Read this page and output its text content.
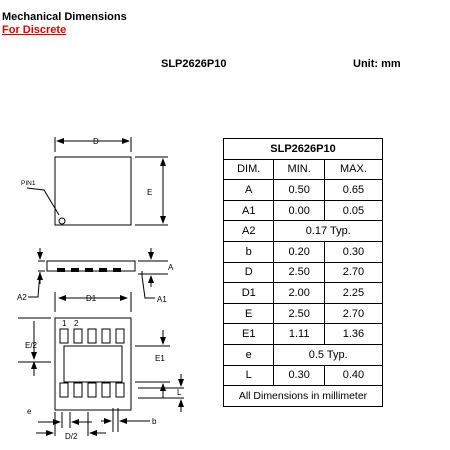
Mechanical Dimensions
For Discrete
SLP2626P10	Unit: mm
D
E
PIN1
A
A2	A1
D1
1 2
E/2
E1
L
e
b
D/2
SLP2626P10		
DIM.	MIN.	MAX.
A	0.50	0.65
A1	0.00	0.05
A2	0.17 Typ.	
b	0.20	0.30
D	2.50	2.70
D1	2.00	2.25
E	2.50	2.70
E1	1.11	1.36
e	0.5 Typ.	
L	0.30	0.40
All Dimensions in millimeter		
